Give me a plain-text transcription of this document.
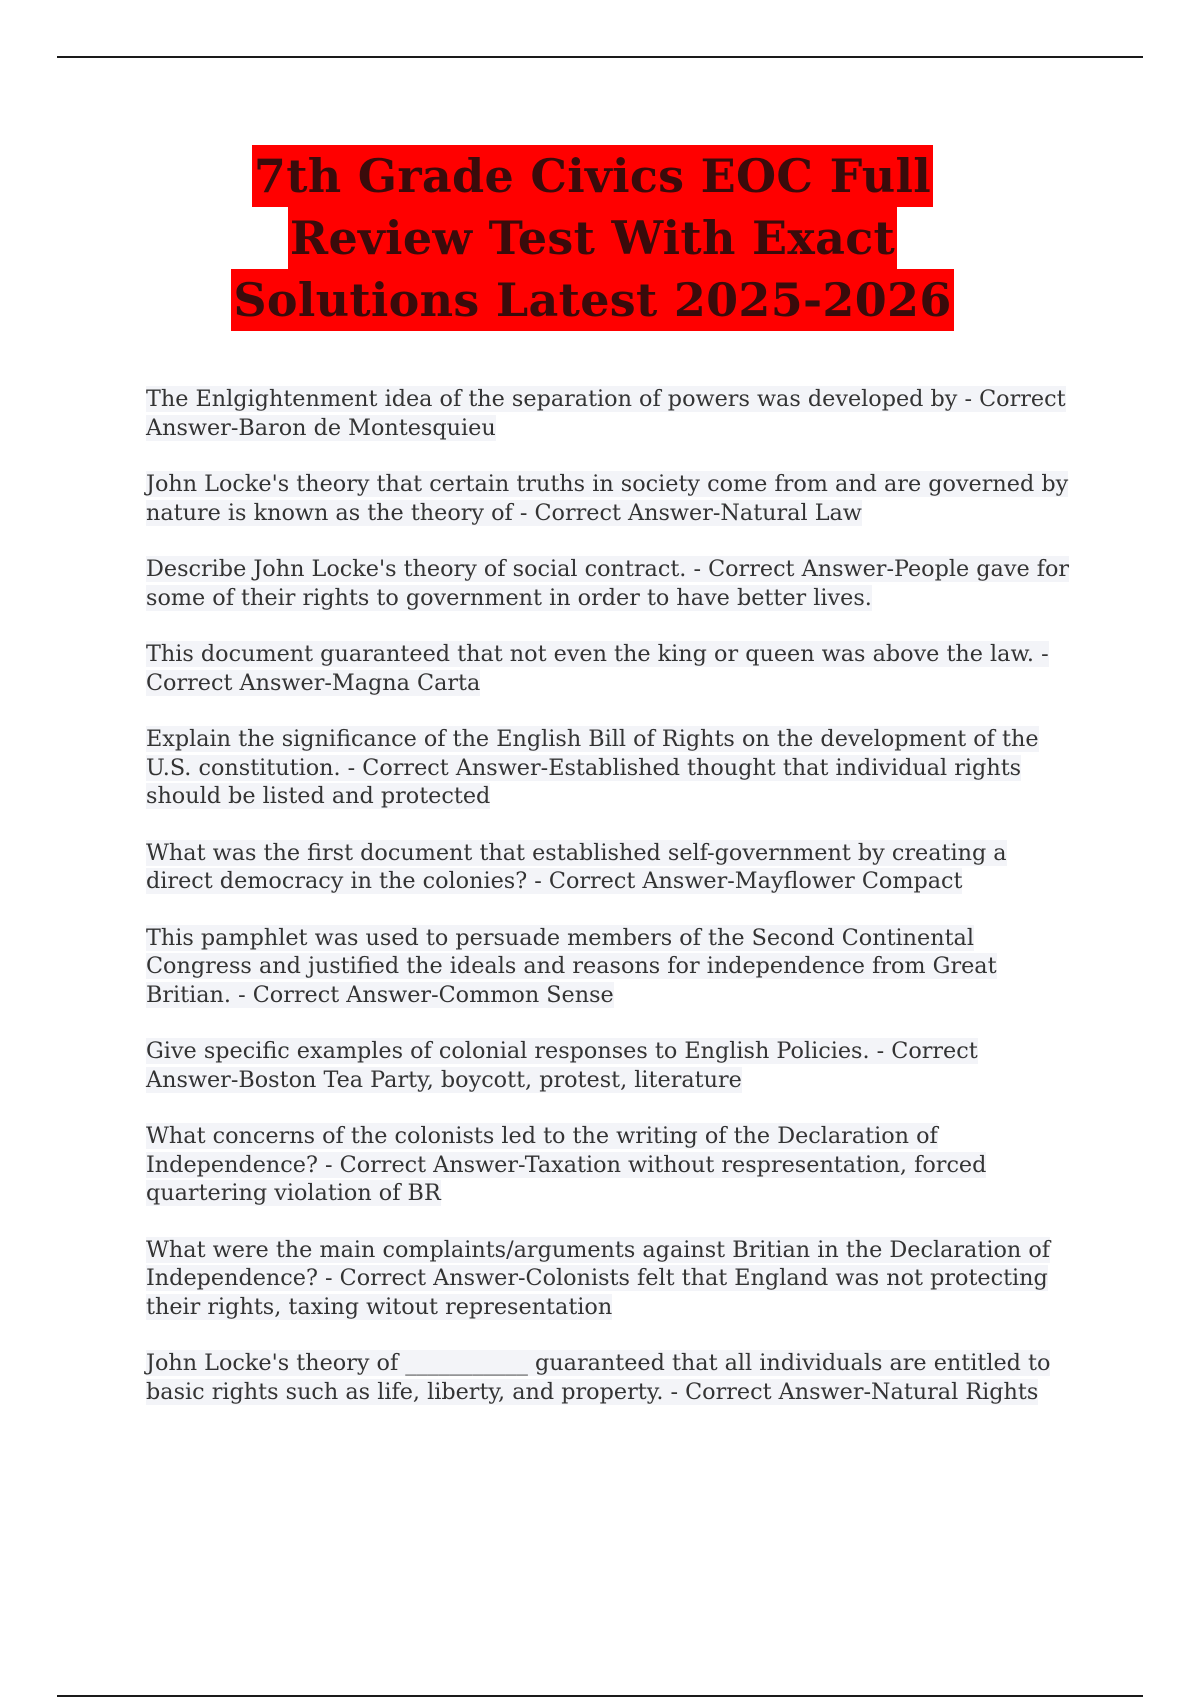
7th Grade Civics EOC Full
Review Test With Exact
Solutions Latest 2025-2026

The Enlgightenment idea of the separation of powers was developed by - Correct Answer-Baron de Montesquieu

John Locke's theory that certain truths in society come from and are governed by nature is known as the theory of - Correct Answer-Natural Law

Describe John Locke's theory of social contract. - Correct Answer-People gave for some of their rights to government in order to have better lives.

This document guaranteed that not even the king or queen was above the law. - Correct Answer-Magna Carta

Explain the significance of the English Bill of Rights on the development of the U.S. constitution. - Correct Answer-Established thought that individual rights should be listed and protected

What was the first document that established self-government by creating a direct democracy in the colonies? - Correct Answer-Mayflower Compact

This pamphlet was used to persuade members of the Second Continental Congress and justified the ideals and reasons for independence from Great Britian. - Correct Answer-Common Sense

Give specific examples of colonial responses to English Policies. - Correct Answer-Boston Tea Party, boycott, protest, literature

What concerns of the colonists led to the writing of the Declaration of Independence? - Correct Answer-Taxation without respresentation, forced quartering violation of BR

What were the main complaints/arguments against Britian in the Declaration of Independence? - Correct Answer-Colonists felt that England was not protecting their rights, taxing witout representation

John Locke's theory of ___________ guaranteed that all individuals are entitled to basic rights such as life, liberty, and property. - Correct Answer-Natural Rights
